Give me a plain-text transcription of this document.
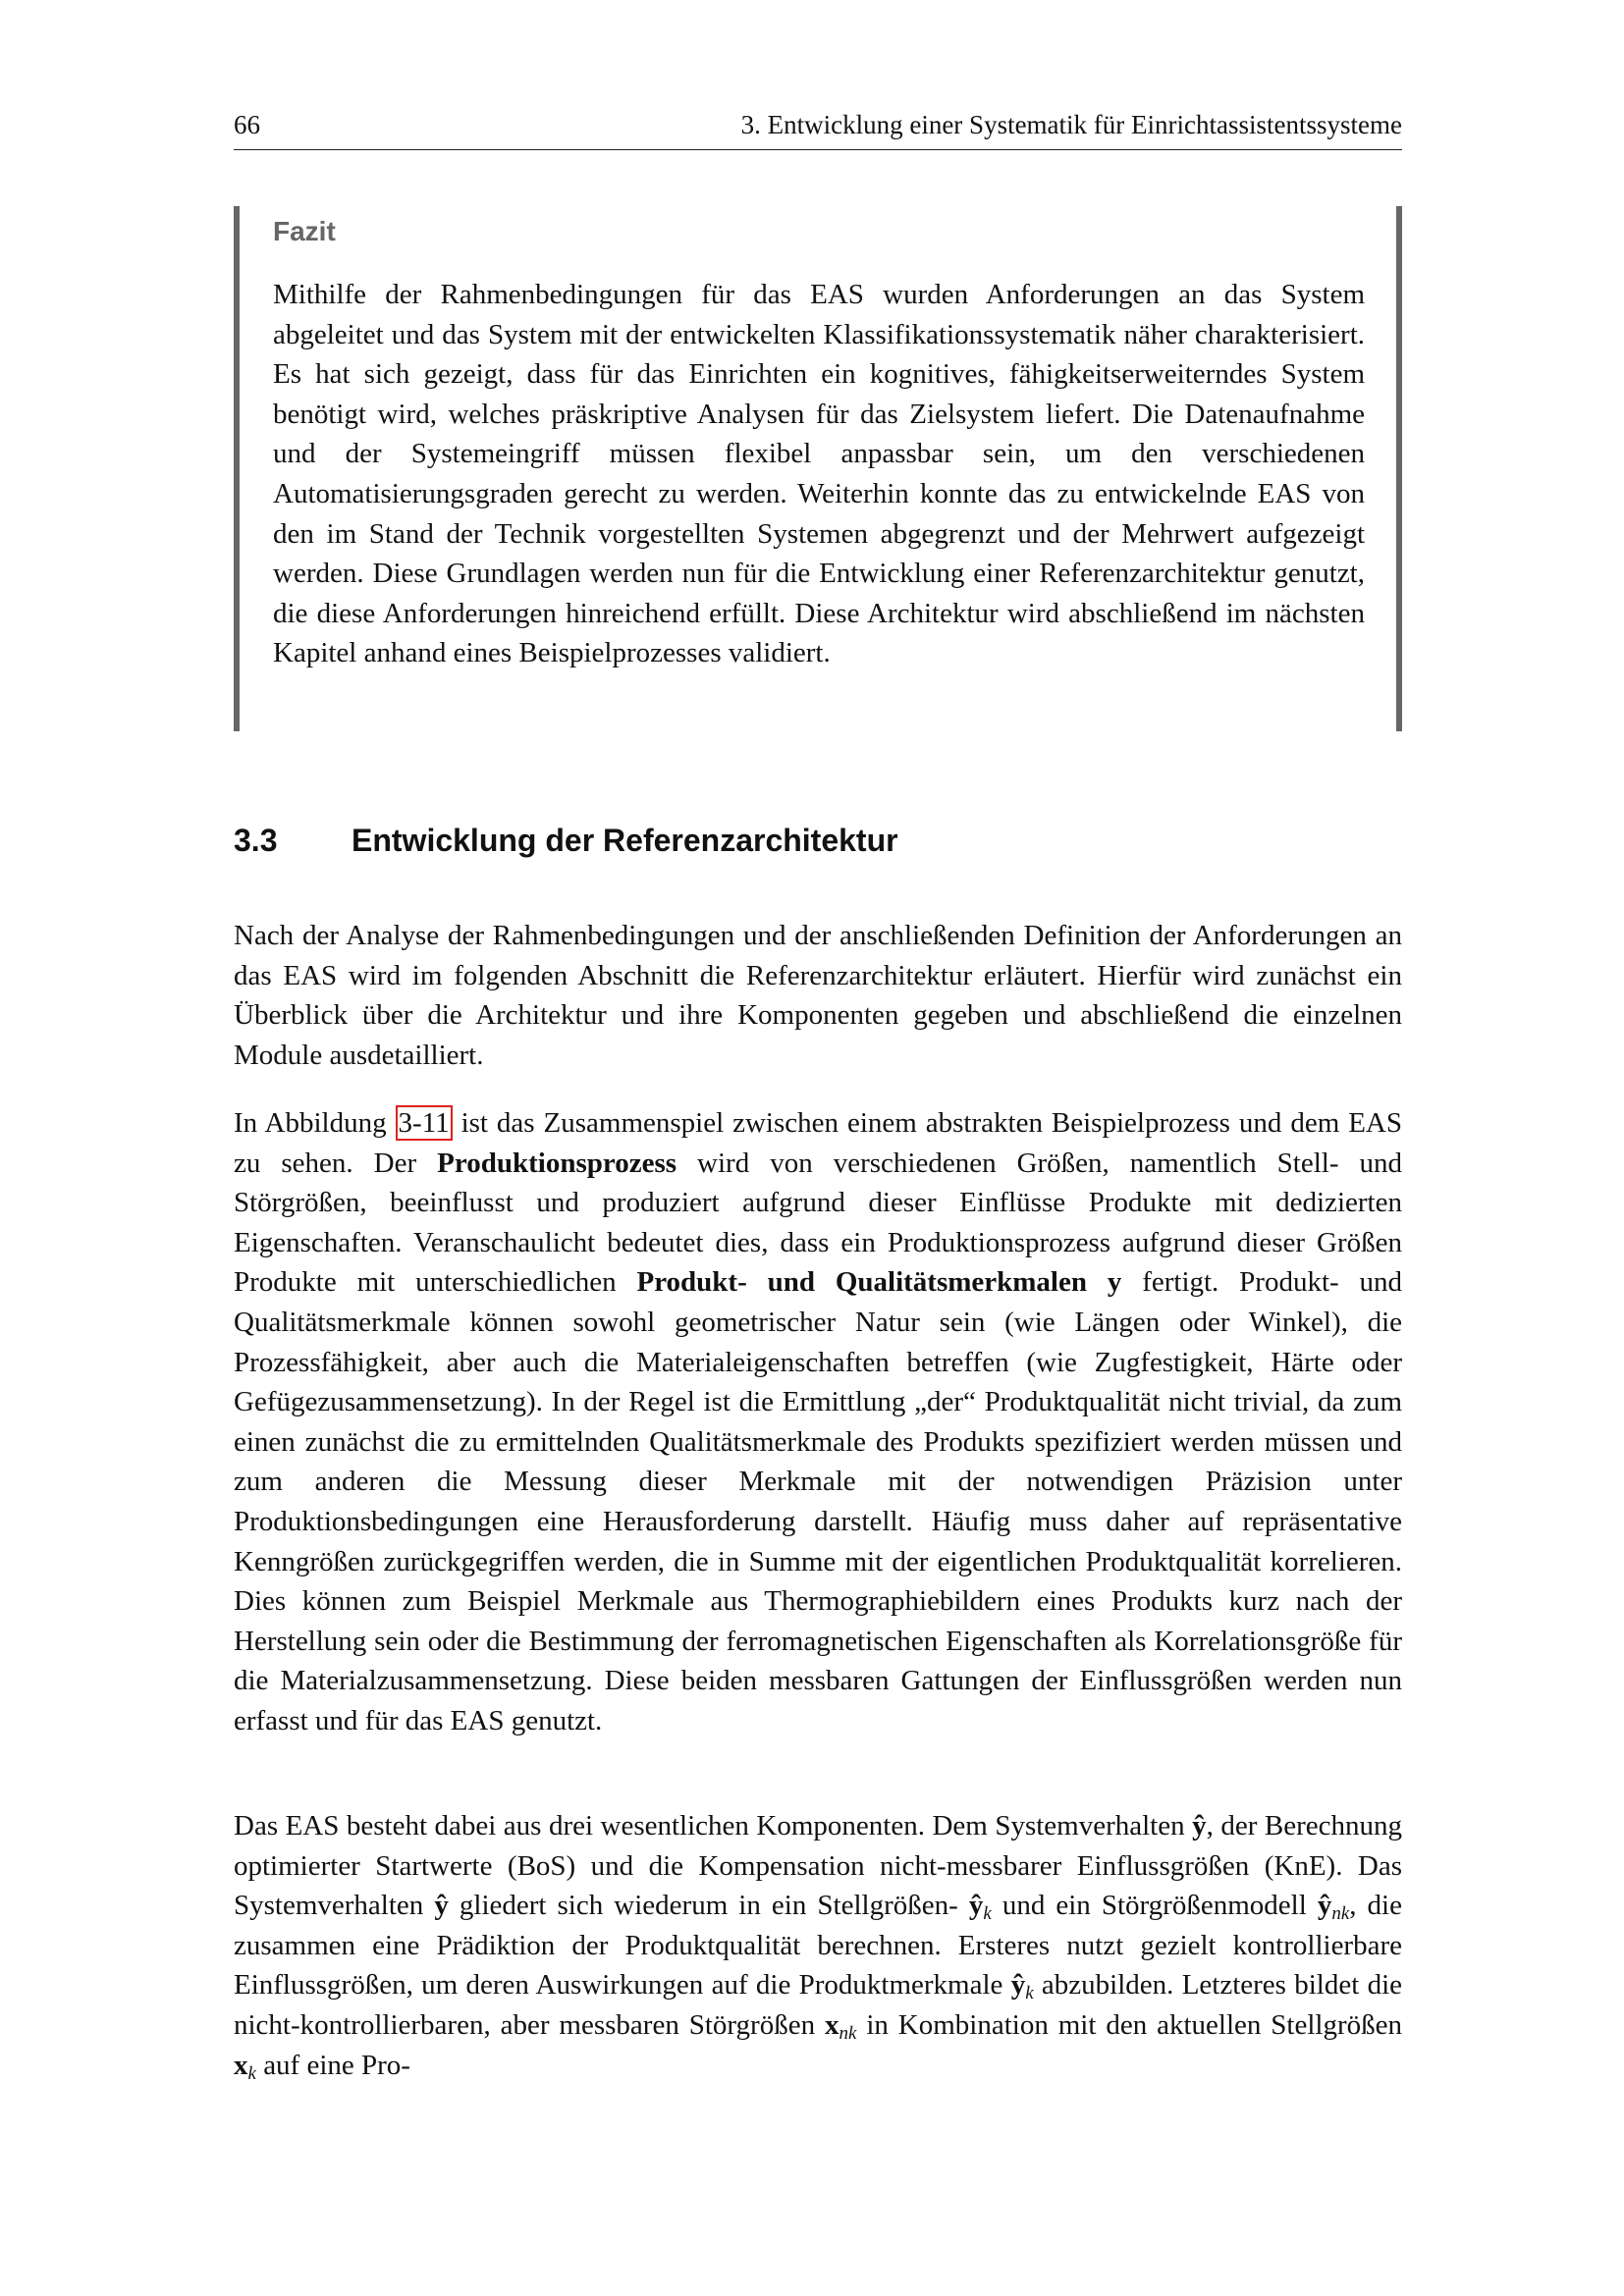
66	3. Entwicklung einer Systematik für Einrichtassistentssysteme
Fazit
Mithilfe der Rahmenbedingungen für das EAS wurden Anforderungen an das System abgeleitet und das System mit der entwickelten Klassifikationssystematik näher charakterisiert. Es hat sich gezeigt, dass für das Einrichten ein kognitives, fähigkeitserweiterndes System benötigt wird, welches präskriptive Analysen für das Zielsystem liefert. Die Datenaufnahme und der Systemeingriff müssen flexibel anpassbar sein, um den verschiedenen Automatisierungsgraden gerecht zu werden. Weiterhin konnte das zu entwickelnde EAS von den im Stand der Technik vorgestellten Systemen abgegrenzt und der Mehrwert aufgezeigt werden. Diese Grundlagen werden nun für die Entwicklung einer Referenzarchitektur genutzt, die diese Anforderungen hinreichend erfüllt. Diese Architektur wird abschließend im nächsten Kapitel anhand eines Beispielprozesses validiert.
3.3 Entwicklung der Referenzarchitektur
Nach der Analyse der Rahmenbedingungen und der anschließenden Definition der Anforderungen an das EAS wird im folgenden Abschnitt die Referenzarchitektur erläutert. Hierfür wird zunächst ein Überblick über die Architektur und ihre Komponenten gegeben und abschließend die einzelnen Module ausdetailliert.
In Abbildung 3-11 ist das Zusammenspiel zwischen einem abstrakten Beispielprozess und dem EAS zu sehen. Der Produktionsprozess wird von verschiedenen Größen, namentlich Stell- und Störgrößen, beeinflusst und produziert aufgrund dieser Einflüsse Produkte mit dedizierten Eigenschaften. Veranschaulicht bedeutet dies, dass ein Produktionsprozess aufgrund dieser Größen Produkte mit unterschiedlichen Produkt- und Qualitätsmerkmalen y fertigt. Produkt- und Qualitätsmerkmale können sowohl geometrischer Natur sein (wie Längen oder Winkel), die Prozessfähigkeit, aber auch die Materialeigenschaften betreffen (wie Zugfestigkeit, Härte oder Gefügezusammensetzung). In der Regel ist die Ermittlung „der“ Produktqualität nicht trivial, da zum einen zunächst die zu ermittelnden Qualitätsmerkmale des Produkts spezifiziert werden müssen und zum anderen die Messung dieser Merkmale mit der notwendigen Präzision unter Produktionsbedingungen eine Herausforderung darstellt. Häufig muss daher auf repräsentative Kenngrößen zurückgegriffen werden, die in Summe mit der eigentlichen Produktqualität korrelieren. Dies können zum Beispiel Merkmale aus Thermographiebildern eines Produkts kurz nach der Herstellung sein oder die Bestimmung der ferromagnetischen Eigenschaften als Korrelationsgröße für die Materialzusammensetzung. Diese beiden messbaren Gattungen der Einflussgrößen werden nun erfasst und für das EAS genutzt.
Das EAS besteht dabei aus drei wesentlichen Komponenten. Dem Systemverhalten ŷ, der Berechnung optimierter Startwerte (BoS) und die Kompensation nicht-messbarer Einflussgrößen (KnE). Das Systemverhalten ŷ gliedert sich wiederum in ein Stellgrößen- $ŷ_k$ und ein Störgrößenmodell $ŷ_{nk}$, die zusammen eine Prädiktion der Produktqualität berechnen. Ersteres nutzt gezielt kontrollierbare Einflussgrößen, um deren Auswirkungen auf die Produktmerkmale $ŷ_k$ abzubilden. Letzteres bildet die nicht-kontrollierbaren, aber messbaren Störgrößen $x_{nk}$ in Kombination mit den aktuellen Stellgrößen $x_k$ auf eine Pro-
